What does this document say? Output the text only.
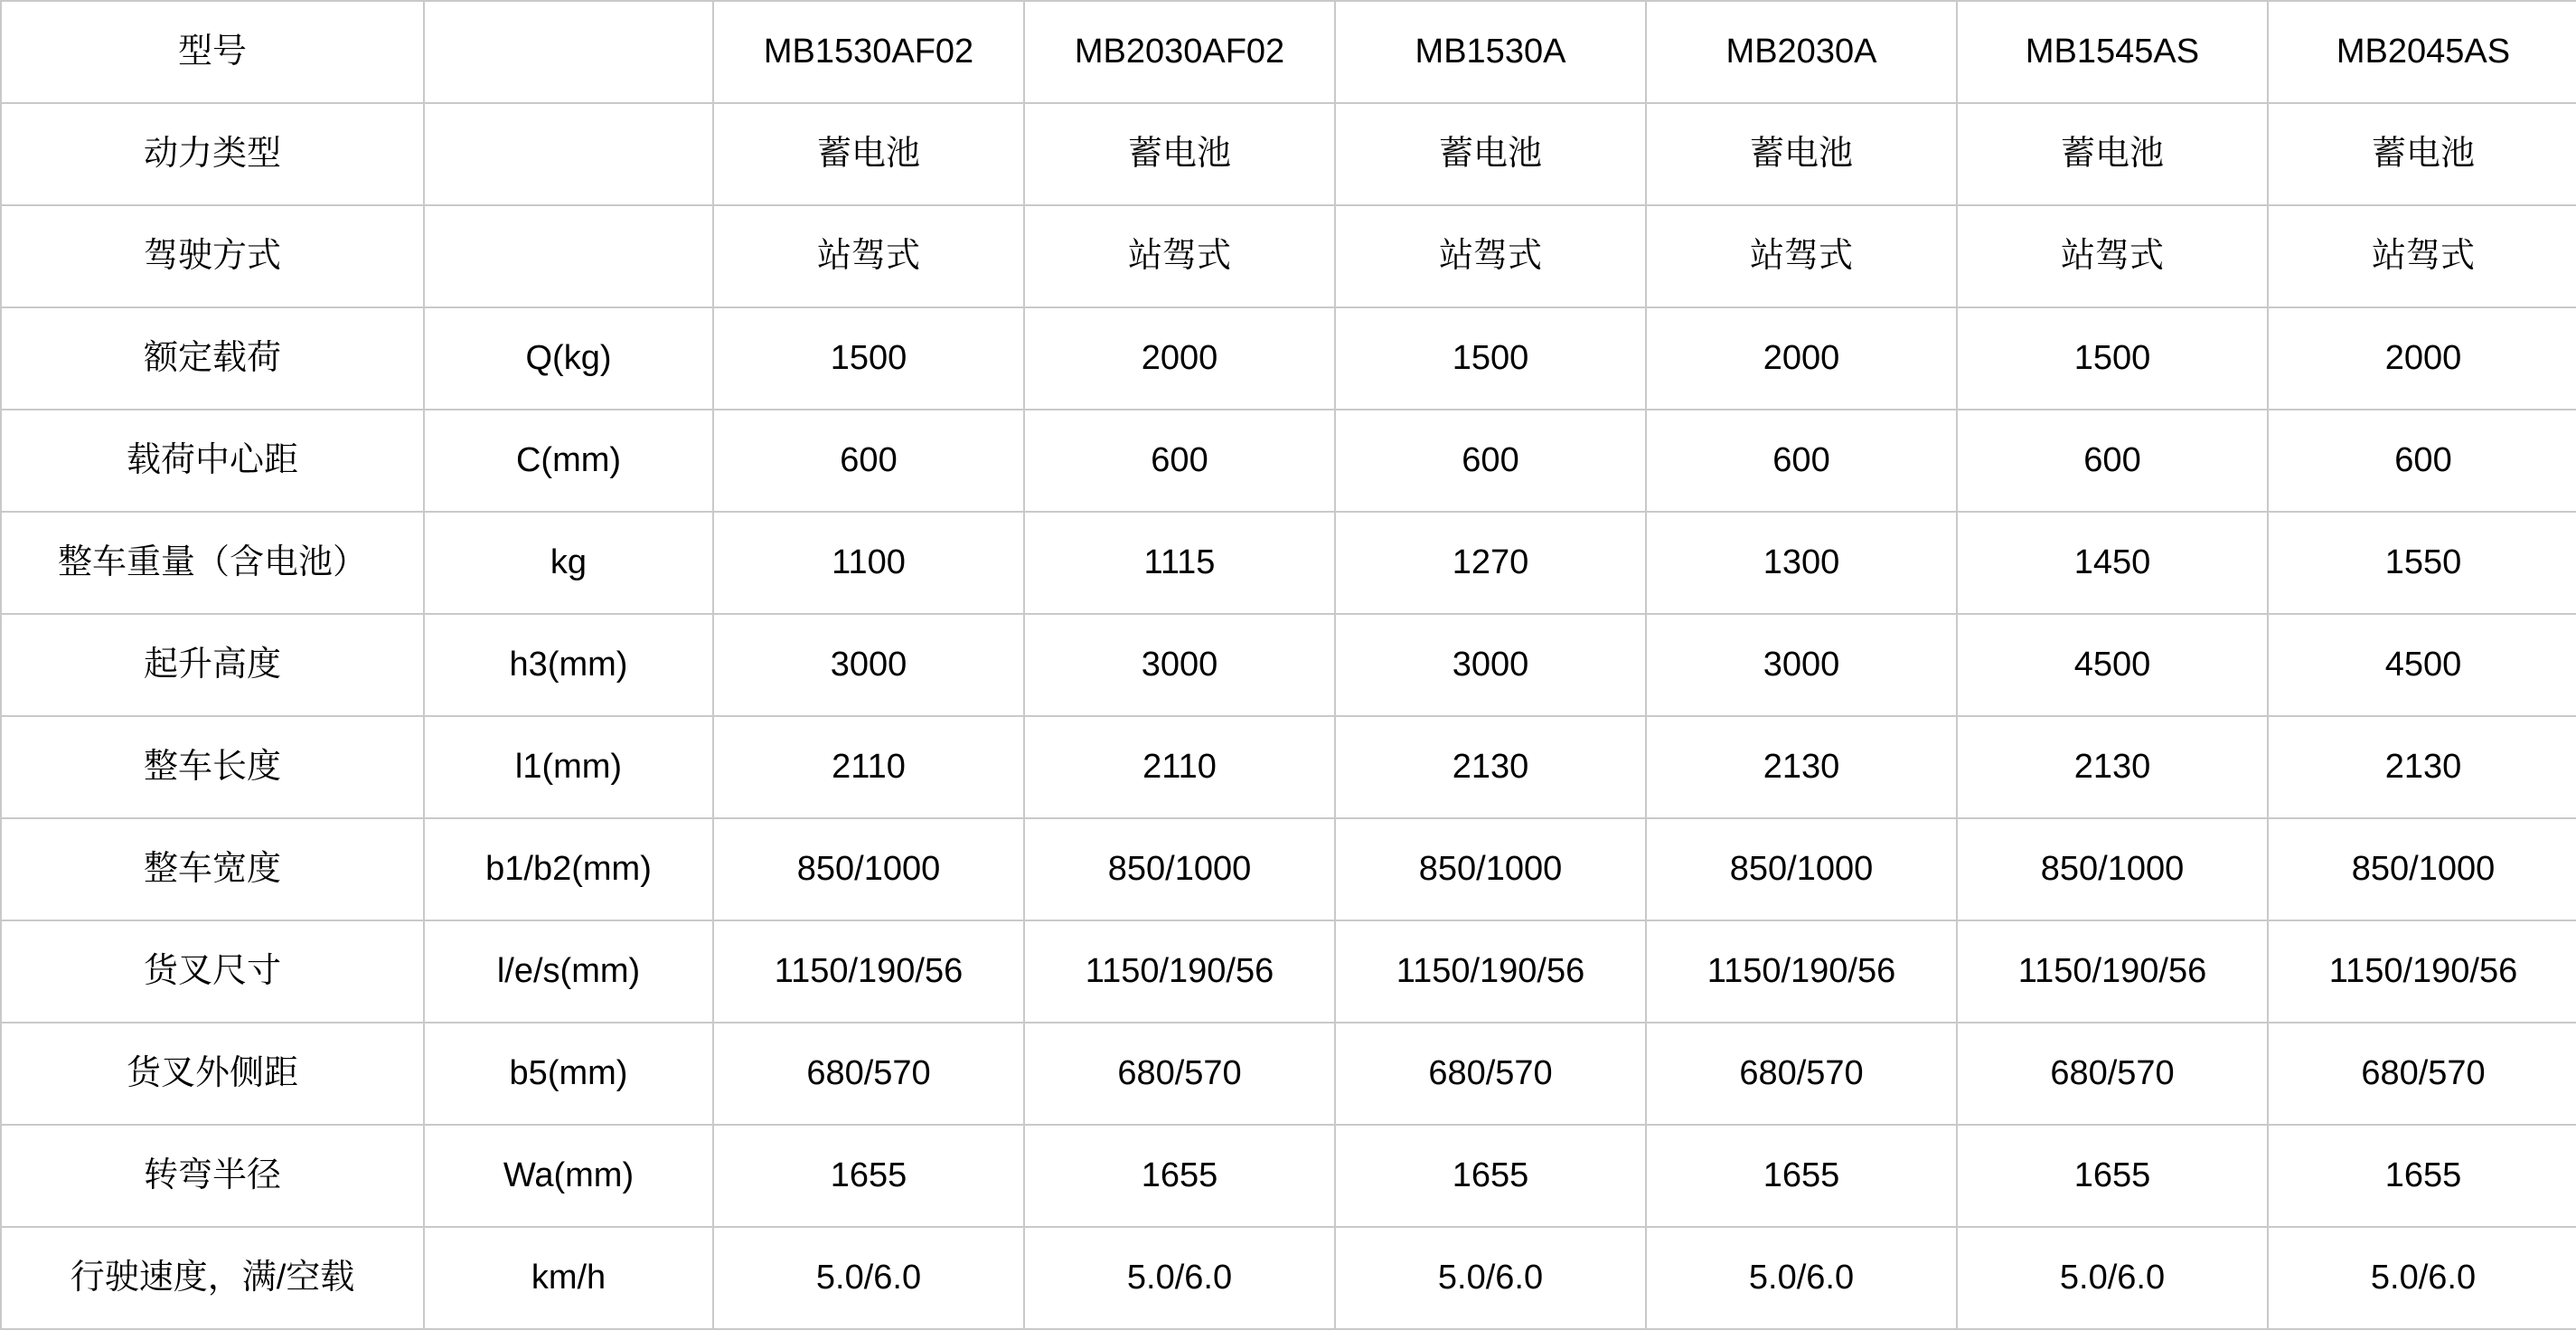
型号		MB1530AF02	MB2030AF02	MB1530A	MB2030A	MB1545AS	MB2045AS
动力类型		蓄电池	蓄电池	蓄电池	蓄电池	蓄电池	蓄电池
驾驶方式		站驾式	站驾式	站驾式	站驾式	站驾式	站驾式
额定载荷	Q(kg)	1500	2000	1500	2000	1500	2000
载荷中心距	C(mm)	600	600	600	600	600	600
整车重量（含电池）	kg	1100	1115	1270	1300	1450	1550
起升高度	h3(mm)	3000	3000	3000	3000	4500	4500
整车长度	l1(mm)	2110	2110	2130	2130	2130	2130
整车宽度	b1/b2(mm)	850/1000	850/1000	850/1000	850/1000	850/1000	850/1000
货叉尺寸	l/e/s(mm)	1150/190/56	1150/190/56	1150/190/56	1150/190/56	1150/190/56	1150/190/56
货叉外侧距	b5(mm)	680/570	680/570	680/570	680/570	680/570	680/570
转弯半径	Wa(mm)	1655	1655	1655	1655	1655	1655
行驶速度，满/空载	km/h	5.0/6.0	5.0/6.0	5.0/6.0	5.0/6.0	5.0/6.0	5.0/6.0
